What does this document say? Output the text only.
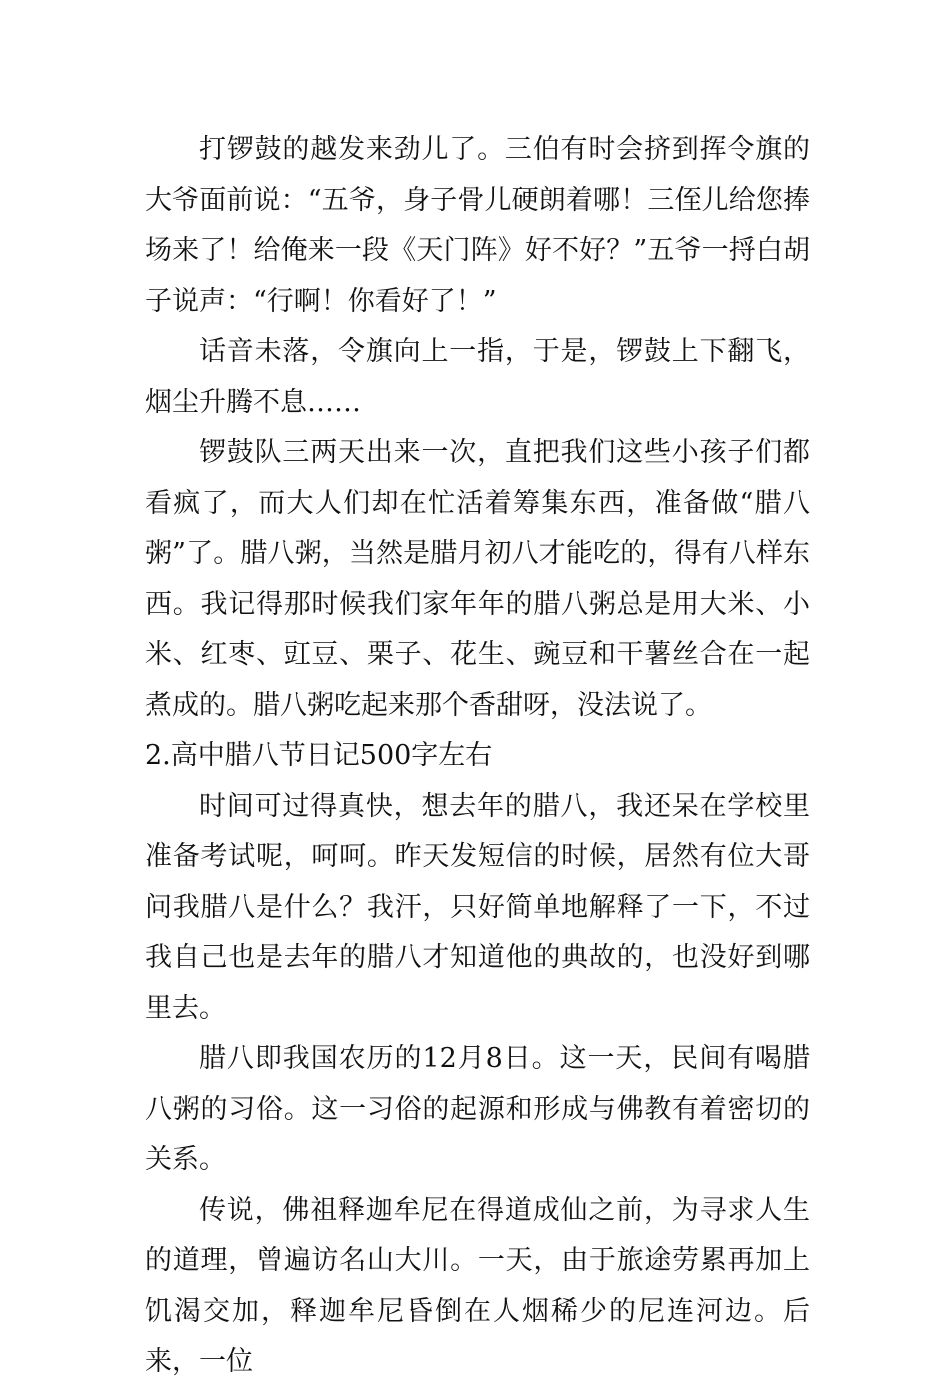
打锣鼓的越发来劲儿了。三伯有时会挤到挥令旗的大爷面前说：“五爷，身子骨儿硬朗着哪！三侄儿给您捧场来了！给俺来一段《天门阵》好不好？”五爷一捋白胡子说声：“行啊！你看好了！”

话音未落，令旗向上一指，于是，锣鼓上下翻飞，烟尘升腾不息……

锣鼓队三两天出来一次，直把我们这些小孩子们都看疯了，而大人们却在忙活着筹集东西，准备做“腊八粥”了。腊八粥，当然是腊月初八才能吃的，得有八样东西。我记得那时候我们家年年的腊八粥总是用大米、小米、红枣、豇豆、栗子、花生、豌豆和干薯丝合在一起煮成的。腊八粥吃起来那个香甜呀，没法说了。

2.高中腊八节日记500字左右

时间可过得真快，想去年的腊八，我还呆在学校里准备考试呢，呵呵。昨天发短信的时候，居然有位大哥问我腊八是什么？我汗，只好简单地解释了一下，不过我自己也是去年的腊八才知道他的典故的，也没好到哪里去。

腊八即我国农历的12月8日。这一天，民间有喝腊八粥的习俗。这一习俗的起源和形成与佛教有着密切的关系。

传说，佛祖释迦牟尼在得道成仙之前，为寻求人生的道理，曾遍访名山大川。一天，由于旅途劳累再加上饥渴交加，释迦牟尼昏倒在人烟稀少的尼连河边。后来，一位
